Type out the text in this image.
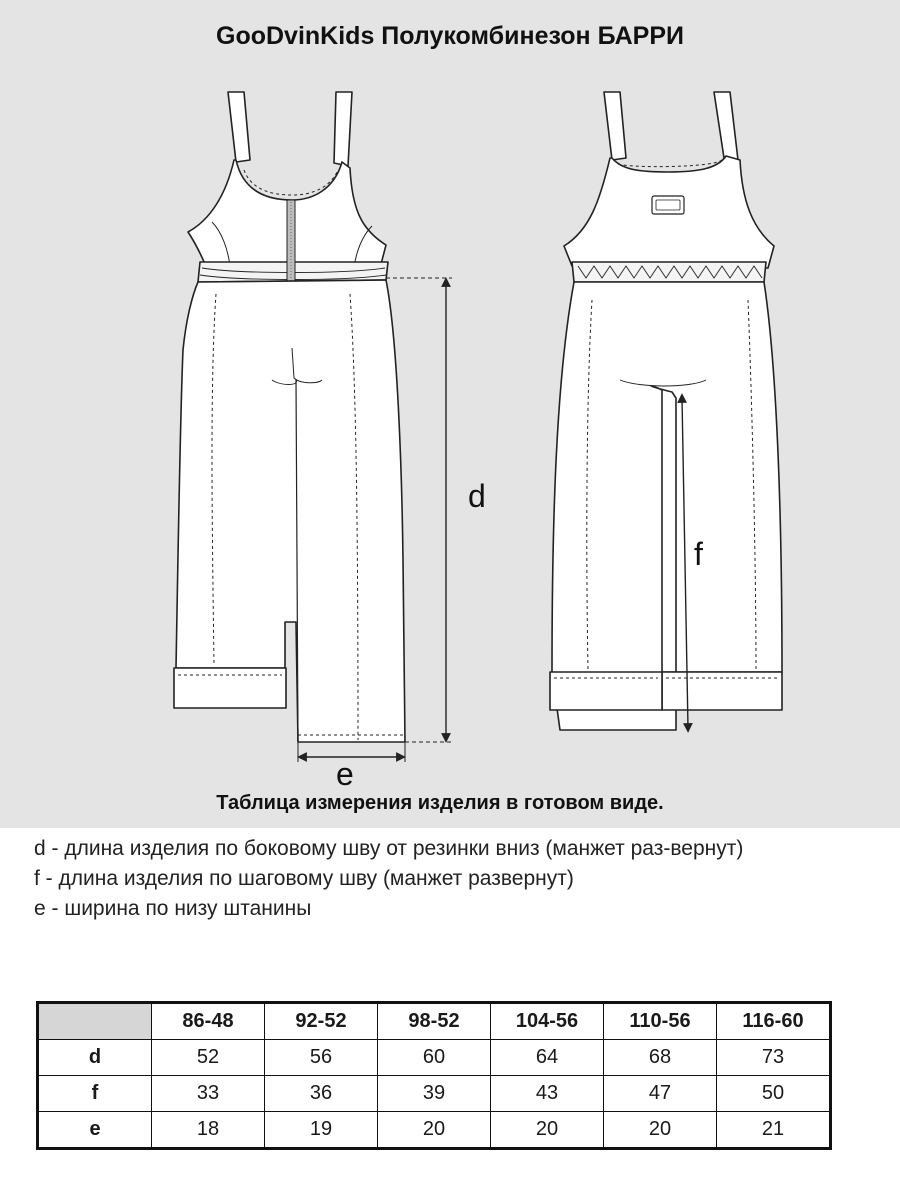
GooDvinKids Полукомбинезон БАРРИ
d
e
f
Таблица измерения изделия в готовом виде.

d - длина изделия по боковому шву от резинки вниз (манжет раз-вернут)

f - длина изделия по шаговому шву (манжет развернут)

e - ширина по низу штанины

	86-48	92-52	98-52	104-56	110-56	116-60
d	52	56	60	64	68	73
f	33	36	39	43	47	50
e	18	19	20	20	20	21
